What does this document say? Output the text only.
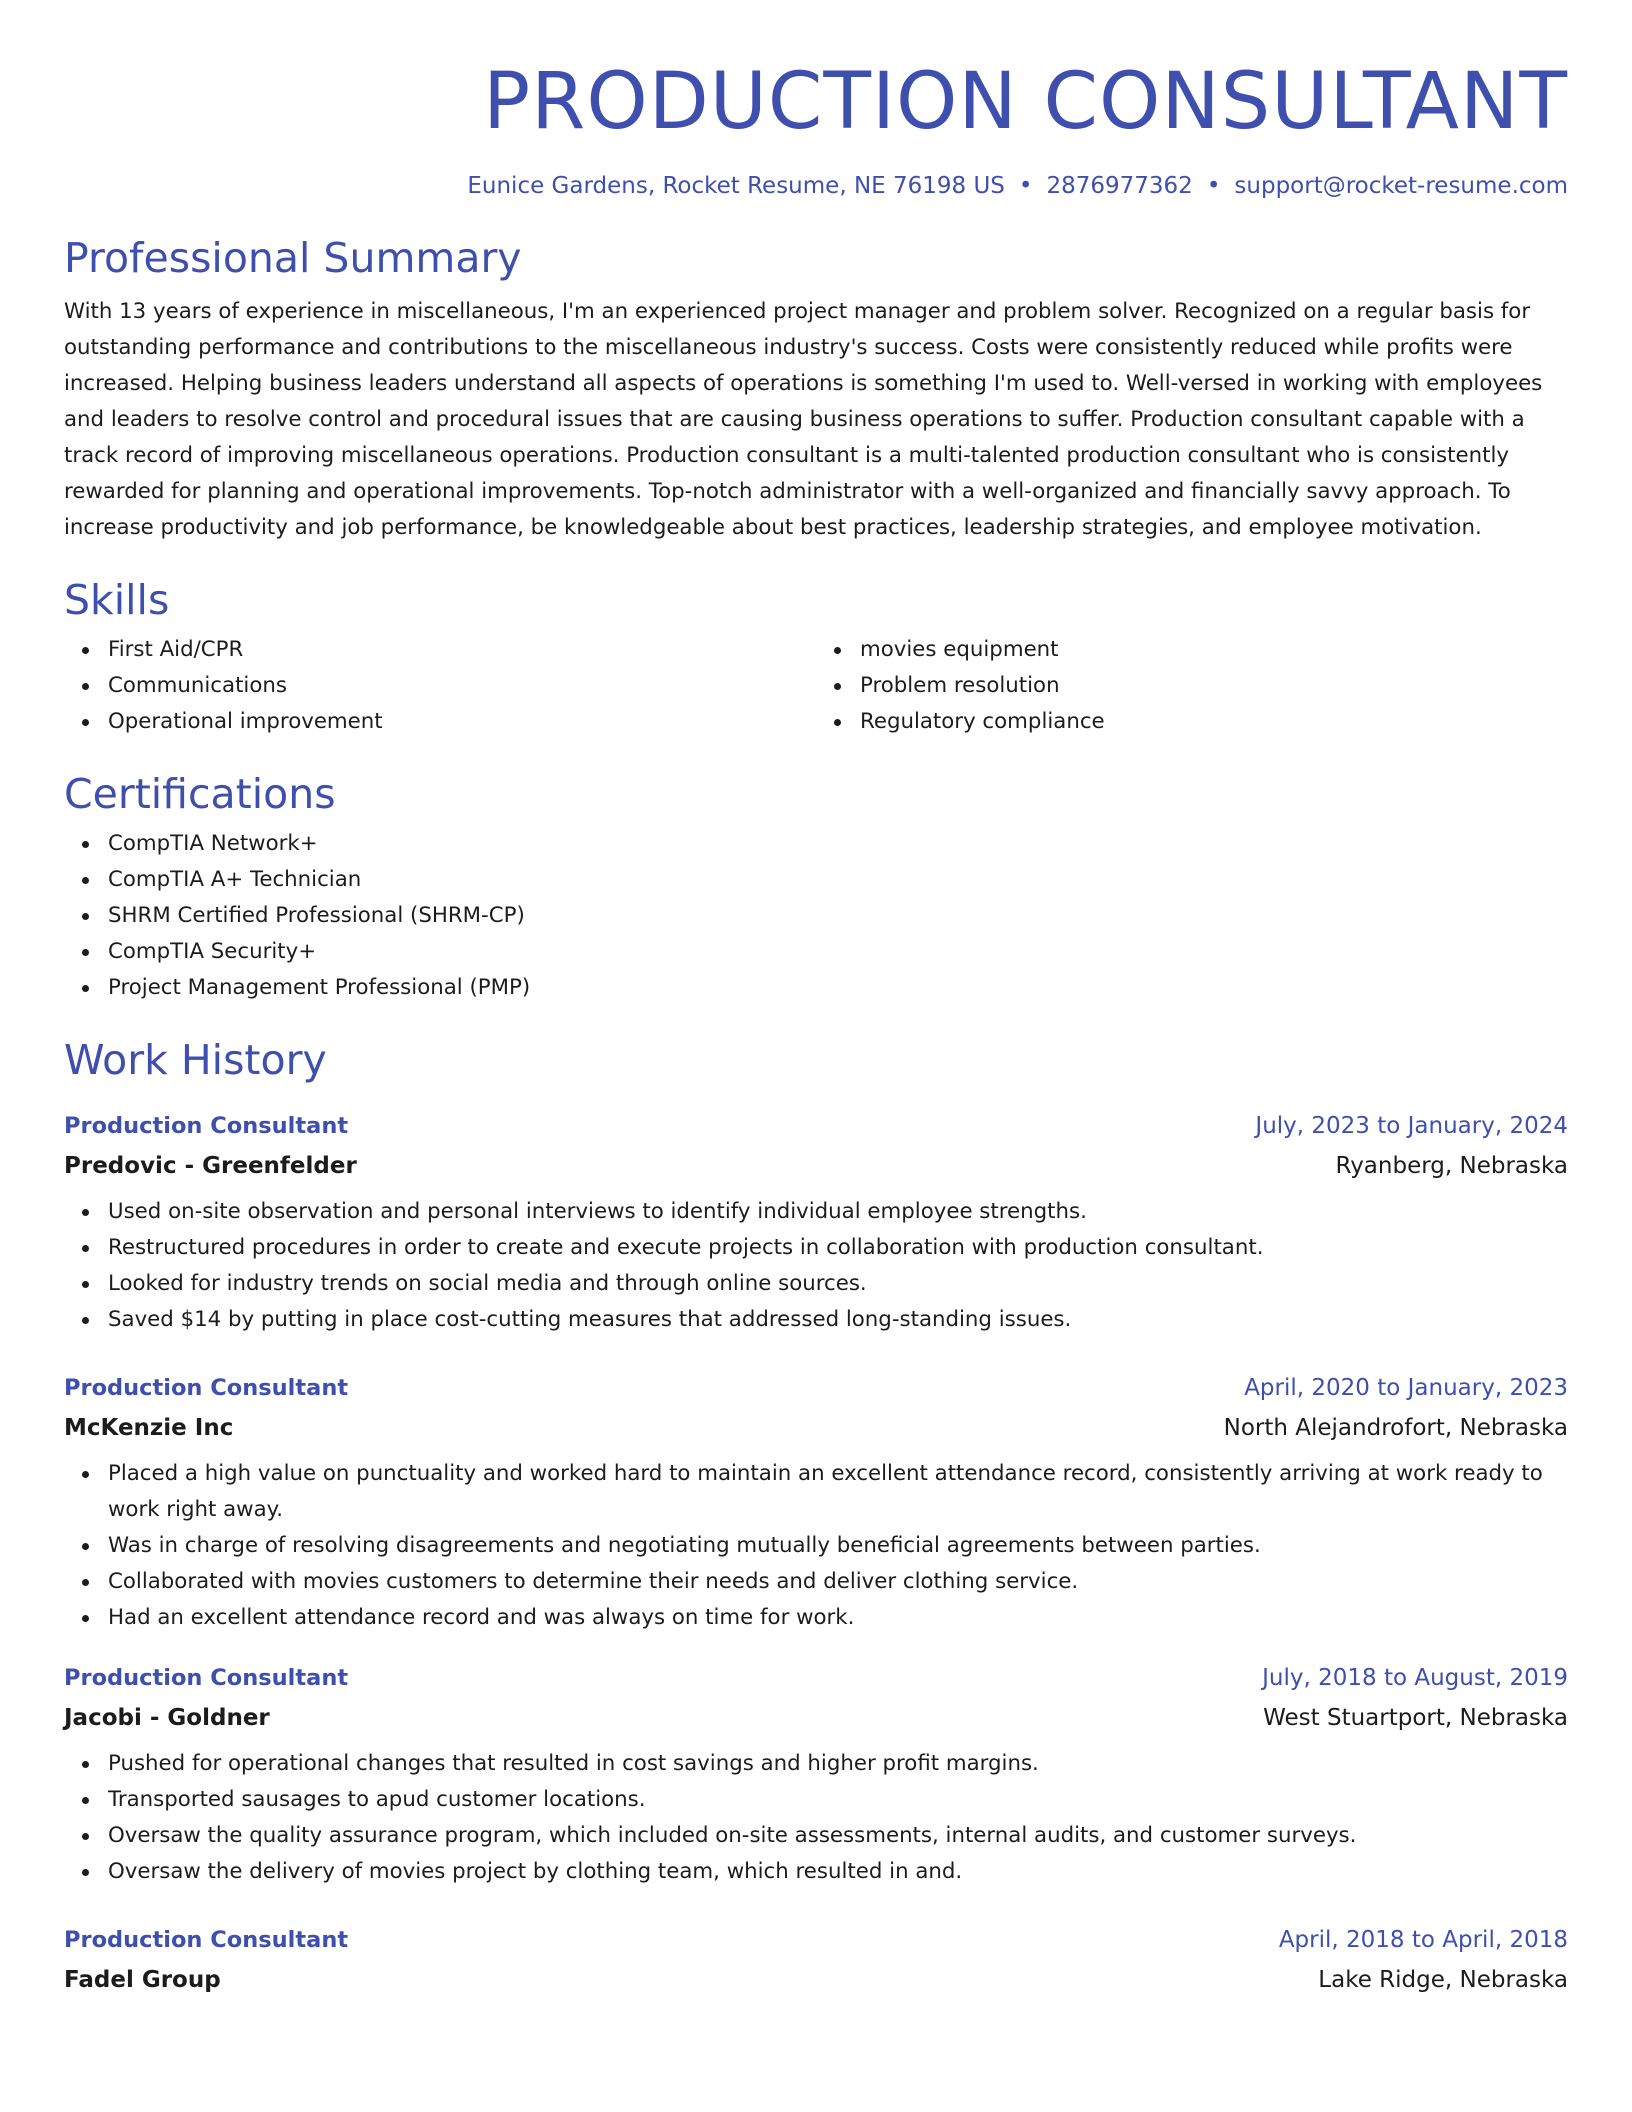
PRODUCTION CONSULTANT
Eunice Gardens, Rocket Resume, NE 76198 US • 2876977362 • support@rocket-resume.com
Professional Summary

With 13 years of experience in miscellaneous, I'm an experienced project manager and problem solver. Recognized on a regular basis for outstanding performance and contributions to the miscellaneous industry's success. Costs were consistently reduced while profits were increased. Helping business leaders understand all aspects of operations is something I'm used to. Well-versed in working with employees and leaders to resolve control and procedural issues that are causing business operations to suffer. Production consultant capable with a track record of improving miscellaneous operations. Production consultant is a multi-talented production consultant who is consistently rewarded for planning and operational improvements. Top-notch administrator with a well-organized and financially savvy approach. To increase productivity and job performance, be knowledgeable about best practices, leadership strategies, and employee motivation.

Skills
First Aid/CPR
Communications
Operational improvement
movies equipment
Problem resolution
Regulatory compliance
Certifications
CompTIA Network+
CompTIA A+ Technician
SHRM Certified Professional (SHRM-CP)
CompTIA Security+
Project Management Professional (PMP)
Work History
Production Consultant	July, 2023 to January, 2024
Predovic - Greenfelder	Ryanberg, Nebraska
Used on-site observation and personal interviews to identify individual employee strengths.
Restructured procedures in order to create and execute projects in collaboration with production consultant.
Looked for industry trends on social media and through online sources.
Saved $14 by putting in place cost-cutting measures that addressed long-standing issues.
Production Consultant	April, 2020 to January, 2023
McKenzie Inc	North Alejandrofort, Nebraska
Placed a high value on punctuality and worked hard to maintain an excellent attendance record, consistently arriving at work ready to work right away.
Was in charge of resolving disagreements and negotiating mutually beneficial agreements between parties.
Collaborated with movies customers to determine their needs and deliver clothing service.
Had an excellent attendance record and was always on time for work.
Production Consultant	July, 2018 to August, 2019
Jacobi - Goldner	West Stuartport, Nebraska
Pushed for operational changes that resulted in cost savings and higher profit margins.
Transported sausages to apud customer locations.
Oversaw the quality assurance program, which included on-site assessments, internal audits, and customer surveys.
Oversaw the delivery of movies project by clothing team, which resulted in and.
Production Consultant	April, 2018 to April, 2018
Fadel Group	Lake Ridge, Nebraska
